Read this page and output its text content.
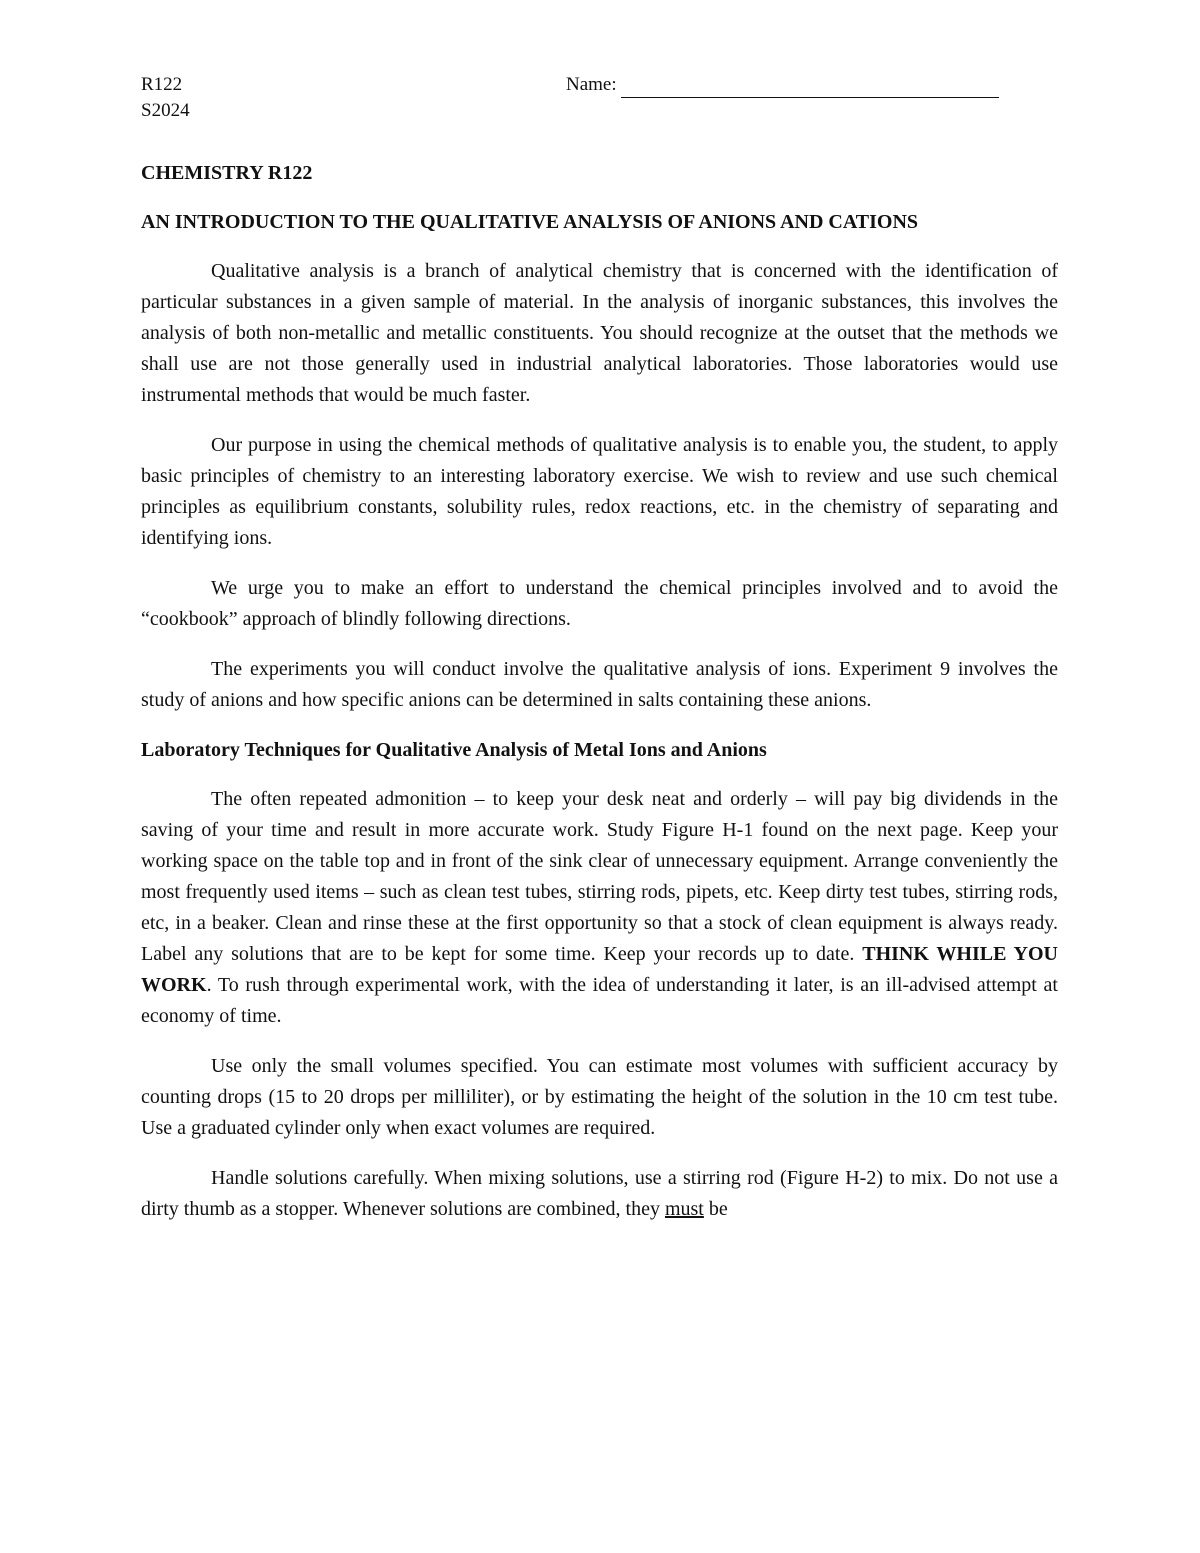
R122
S2024
Name:
CHEMISTRY R122
AN INTRODUCTION TO THE QUALITATIVE ANALYSIS OF ANIONS AND CATIONS

Qualitative analysis is a branch of analytical chemistry that is concerned with the identification of particular substances in a given sample of material. In the analysis of inorganic substances, this involves the analysis of both non-metallic and metallic constituents. You should recognize at the outset that the methods we shall use are not those generally used in industrial analytical laboratories. Those laboratories would use instrumental methods that would be much faster.

Our purpose in using the chemical methods of qualitative analysis is to enable you, the student, to apply basic principles of chemistry to an interesting laboratory exercise. We wish to review and use such chemical principles as equilibrium constants, solubility rules, redox reactions, etc. in the chemistry of separating and identifying ions.

We urge you to make an effort to understand the chemical principles involved and to avoid the “cookbook” approach of blindly following directions.

The experiments you will conduct involve the qualitative analysis of ions. Experiment 9 involves the study of anions and how specific anions can be determined in salts containing these anions.

Laboratory Techniques for Qualitative Analysis of Metal Ions and Anions

The often repeated admonition – to keep your desk neat and orderly – will pay big dividends in the saving of your time and result in more accurate work. Study Figure H-1 found on the next page. Keep your working space on the table top and in front of the sink clear of unnecessary equipment. Arrange conveniently the most frequently used items – such as clean test tubes, stirring rods, pipets, etc. Keep dirty test tubes, stirring rods, etc, in a beaker. Clean and rinse these at the first opportunity so that a stock of clean equipment is always ready. Label any solutions that are to be kept for some time. Keep your records up to date. THINK WHILE YOU WORK. To rush through experimental work, with the idea of understanding it later, is an ill-advised attempt at economy of time.

Use only the small volumes specified. You can estimate most volumes with sufficient accuracy by counting drops (15 to 20 drops per milliliter), or by estimating the height of the solution in the 10 cm test tube. Use a graduated cylinder only when exact volumes are required.

Handle solutions carefully. When mixing solutions, use a stirring rod (Figure H-2) to mix. Do not use a dirty thumb as a stopper. Whenever solutions are combined, they must be
